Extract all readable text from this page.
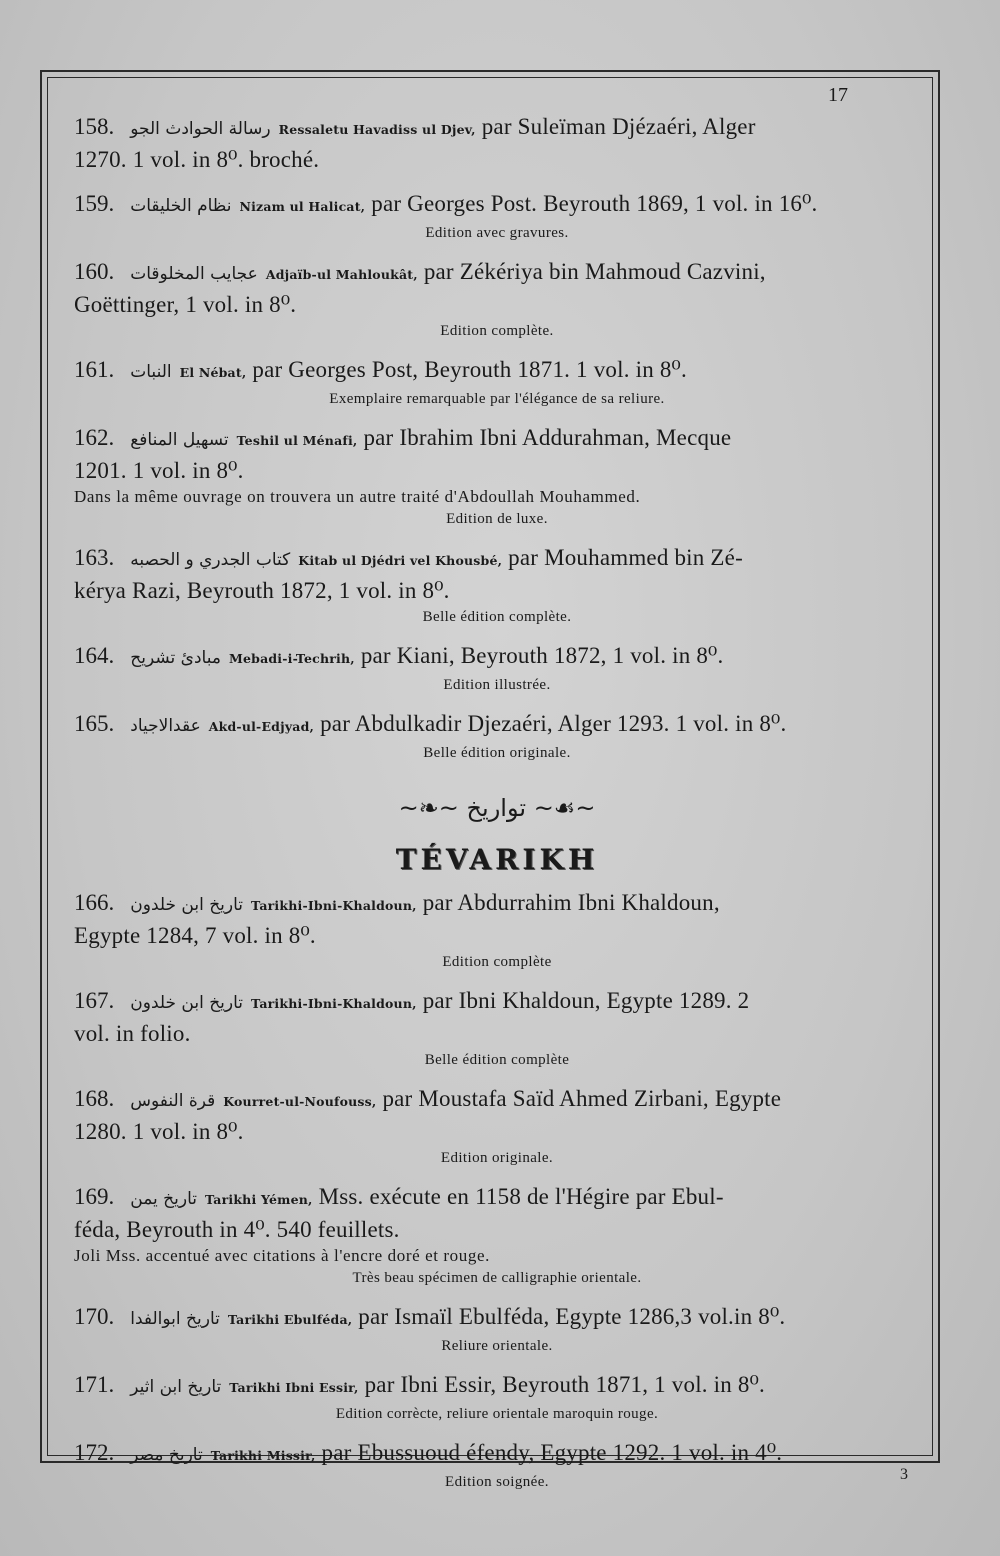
17
3
158. رسالة الحوادث الجو Ressaletu Havadiss ul Djev, par Suleïman Djézaéri, Alger
1270. 1 vol. in 8⁰. broché.
159. نظام الخليقات Nizam ul Halicat, par Georges Post. Beyrouth 1869, 1 vol. in 16⁰.
Edition avec gravures.
160. عجايب المخلوقات Adjaïb-ul Mahloukât, par Zékériya bin Mahmoud Cazvini,
Goëttinger, 1 vol. in 8⁰.
Edition complète.
161. النبات El Nébat, par Georges Post, Beyrouth 1871. 1 vol. in 8⁰.
Exemplaire remarquable par l'élégance de sa reliure.
162. تسهيل المنافع Teshil ul Ménafi, par Ibrahim Ibni Addurahman, Mecque
1201. 1 vol. in 8⁰.
Dans la même ouvrage on trouvera un autre traité d'Abdoullah Mouhammed.
Edition de luxe.
163. كتاب الجدري و الحصبه Kitab ul Djédri vel Khousbé, par Mouhammed bin Zé-
kérya Razi, Beyrouth 1872, 1 vol. in 8⁰.
Belle édition complète.
164. مبادئ تشريح Mebadi-i-Techrih, par Kiani, Beyrouth 1872, 1 vol. in 8⁰.
Edition illustrée.
165. عقدالاجياد Akd-ul-Edjyad, par Abdulkadir Djezaéri, Alger 1293. 1 vol. in 8⁰.
Belle édition originale.
~❧~ تواريخ ~☙~
TÉVARIKH
166. تاريخ ابن خلدون Tarikhi-Ibni-Khaldoun, par Abdurrahim Ibni Khaldoun,
Egypte 1284, 7 vol. in 8⁰.
Edition complète
167. تاريخ ابن خلدون Tarikhi-Ibni-Khaldoun, par Ibni Khaldoun, Egypte 1289. 2
vol. in folio.
Belle édition complète
168. قرة النفوس Kourret-ul-Noufouss, par Moustafa Saïd Ahmed Zirbani, Egypte
1280. 1 vol. in 8⁰.
Edition originale.
169. تاريخ يمن Tarikhi Yémen, Mss. exécute en 1158 de l'Hégire par Ebul-
féda, Beyrouth in 4⁰. 540 feuillets.
Joli Mss. accentué avec citations à l'encre doré et rouge.
Très beau spécimen de calligraphie orientale.
170. تاريخ ابوالفدا Tarikhi Ebulféda, par Ismaïl Ebulféda, Egypte 1286,3 vol.in 8⁰.
Reliure orientale.
171. تاريخ ابن اثير Tarikhi Ibni Essir, par Ibni Essir, Beyrouth 1871, 1 vol. in 8⁰.
Edition corrècte, reliure orientale maroquin rouge.
172. تاريخ مصر Tarikhi Missir, par Ebussuoud éfendy, Egypte 1292. 1 vol. in 4⁰.
Edition soignée.
